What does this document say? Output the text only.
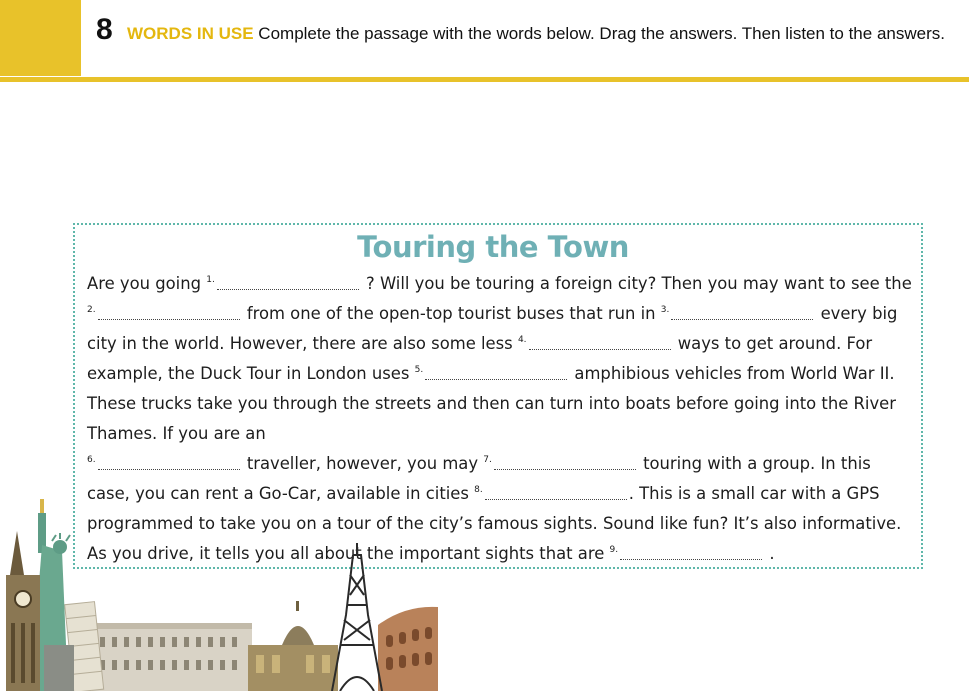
8 WORDS IN USE Complete the passage with the words below. Drag the answers. Then listen to the answers.
Touring the Town
Are you going $^{1.}$	? Will you be touring a foreign city? Then you may want to see the
$^{2.}$	from one of the open-top tourist buses that run in $^{3.}$	every big city in the world. However, there are also some less $^{4.}$	ways to get around. For example, the Duck Tour in London uses $^{5.}$	amphibious vehicles from World War II. These trucks take you through the streets and then can turn into boats before going into the River Thames. If you are an
$^{6.}$	traveller, however, you may $^{7.}$	touring with a group. In this case, you can rent a Go-Car, available in cities $^{8.}$	. This is a small car with a GPS programmed to take you on a tour of the city’s famous sights. Sound like fun? It’s also informative. As you drive, it tells you all about the important sights that are $^{9.}$	.
